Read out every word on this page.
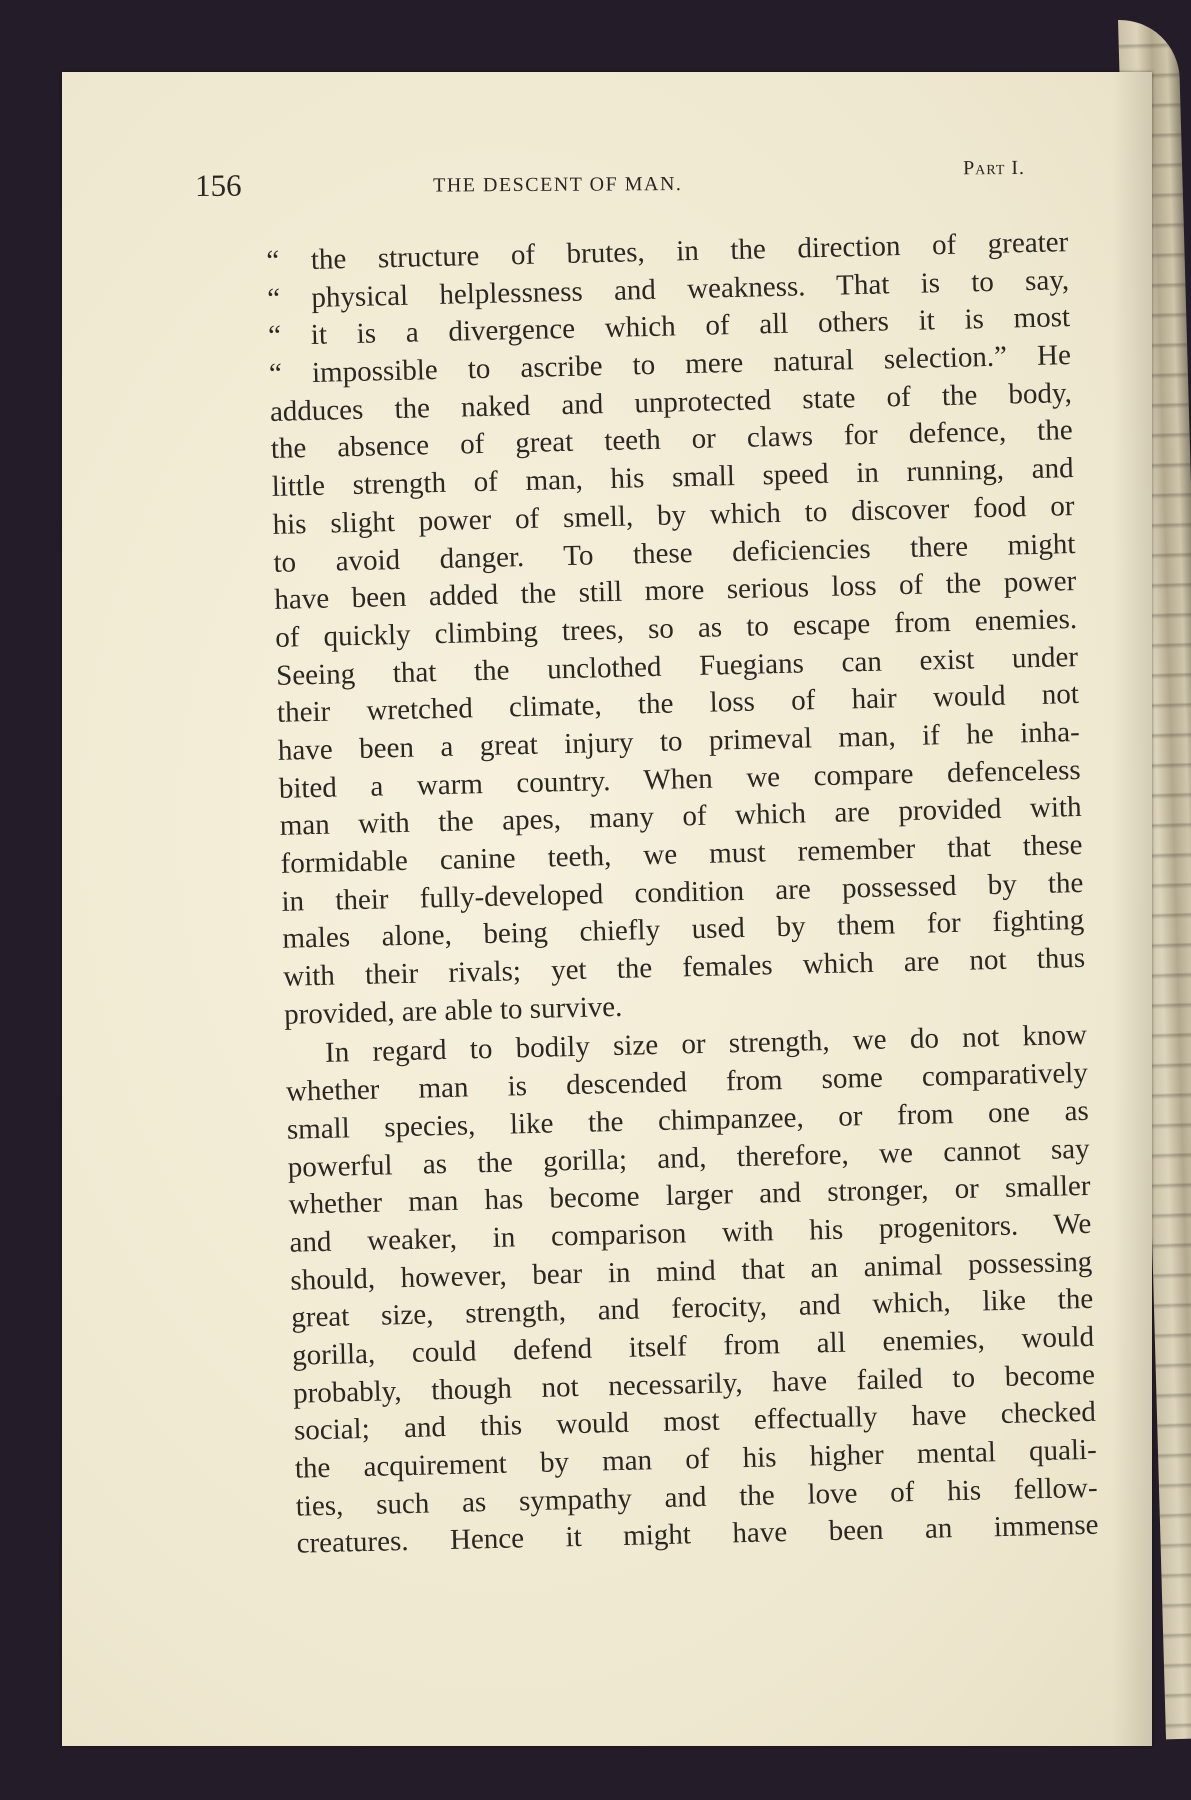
156	THE DESCENT OF MAN.
Part I.
“ the structure of brutes, in the direction of greater
“ physical helplessness and weakness. That is to say,
“ it is a divergence which of all others it is most
“ impossible to ascribe to mere natural selection.” He
adduces the naked and unprotected state of the body,
the absence of great teeth or claws for defence, the
little strength of man, his small speed in running, and
his slight power of smell, by which to discover food or
to avoid danger. To these deficiencies there might
have been added the still more serious loss of the power
of quickly climbing trees, so as to escape from enemies.
Seeing that the unclothed Fuegians can exist under
their wretched climate, the loss of hair would not
have been a great injury to primeval man, if he inha-
bited a warm country. When we compare defenceless
man with the apes, many of which are provided with
formidable canine teeth, we must remember that these
in their fully-developed condition are possessed by the
males alone, being chiefly used by them for fighting
with their rivals; yet the females which are not thus
provided, are able to survive.
In regard to bodily size or strength, we do not know
whether man is descended from some comparatively
small species, like the chimpanzee, or from one as
powerful as the gorilla; and, therefore, we cannot say
whether man has become larger and stronger, or smaller
and weaker, in comparison with his progenitors. We
should, however, bear in mind that an animal possessing
great size, strength, and ferocity, and which, like the
gorilla, could defend itself from all enemies, would
probably, though not necessarily, have failed to become
social; and this would most effectually have checked
the acquirement by man of his higher mental quali-
ties, such as sympathy and the love of his fellow-
creatures. Hence it might have been an immense
